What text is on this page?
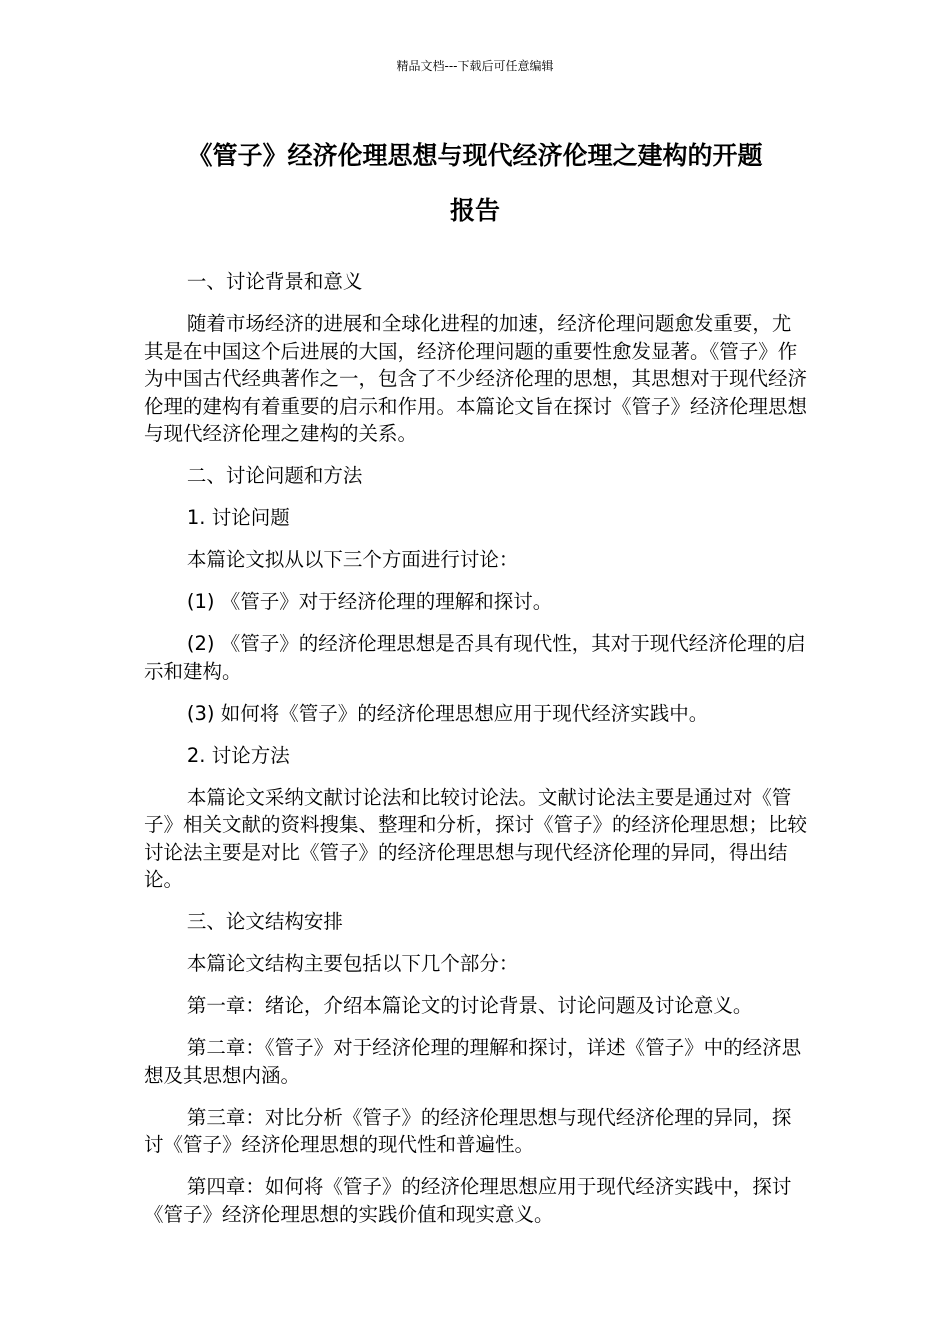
精品文档---下载后可任意编辑
《管子》经济伦理思想与现代经济伦理之建构的开题
报告

一、讨论背景和意义

随着市场经济的进展和全球化进程的加速，经济伦理问题愈发重要，尤其是在中国这个后进展的大国，经济伦理问题的重要性愈发显著。《管子》作为中国古代经典著作之一，包含了不少经济伦理的思想，其思想对于现代经济伦理的建构有着重要的启示和作用。本篇论文旨在探讨《管子》经济伦理思想与现代经济伦理之建构的关系。

二、讨论问题和方法

1. 讨论问题

本篇论文拟从以下三个方面进行讨论：

(1) 《管子》对于经济伦理的理解和探讨。

(2) 《管子》的经济伦理思想是否具有现代性，其对于现代经济伦理的启示和建构。

(3) 如何将《管子》的经济伦理思想应用于现代经济实践中。

2. 讨论方法

本篇论文采纳文献讨论法和比较讨论法。文献讨论法主要是通过对《管子》相关文献的资料搜集、整理和分析，探讨《管子》的经济伦理思想；比较讨论法主要是对比《管子》的经济伦理思想与现代经济伦理的异同，得出结论。

三、论文结构安排

本篇论文结构主要包括以下几个部分：

第一章：绪论，介绍本篇论文的讨论背景、讨论问题及讨论意义。

第二章：《管子》对于经济伦理的理解和探讨，详述《管子》中的经济思想及其思想内涵。

第三章：对比分析《管子》的经济伦理思想与现代经济伦理的异同，探讨《管子》经济伦理思想的现代性和普遍性。

第四章：如何将《管子》的经济伦理思想应用于现代经济实践中，探讨《管子》经济伦理思想的实践价值和现实意义。
